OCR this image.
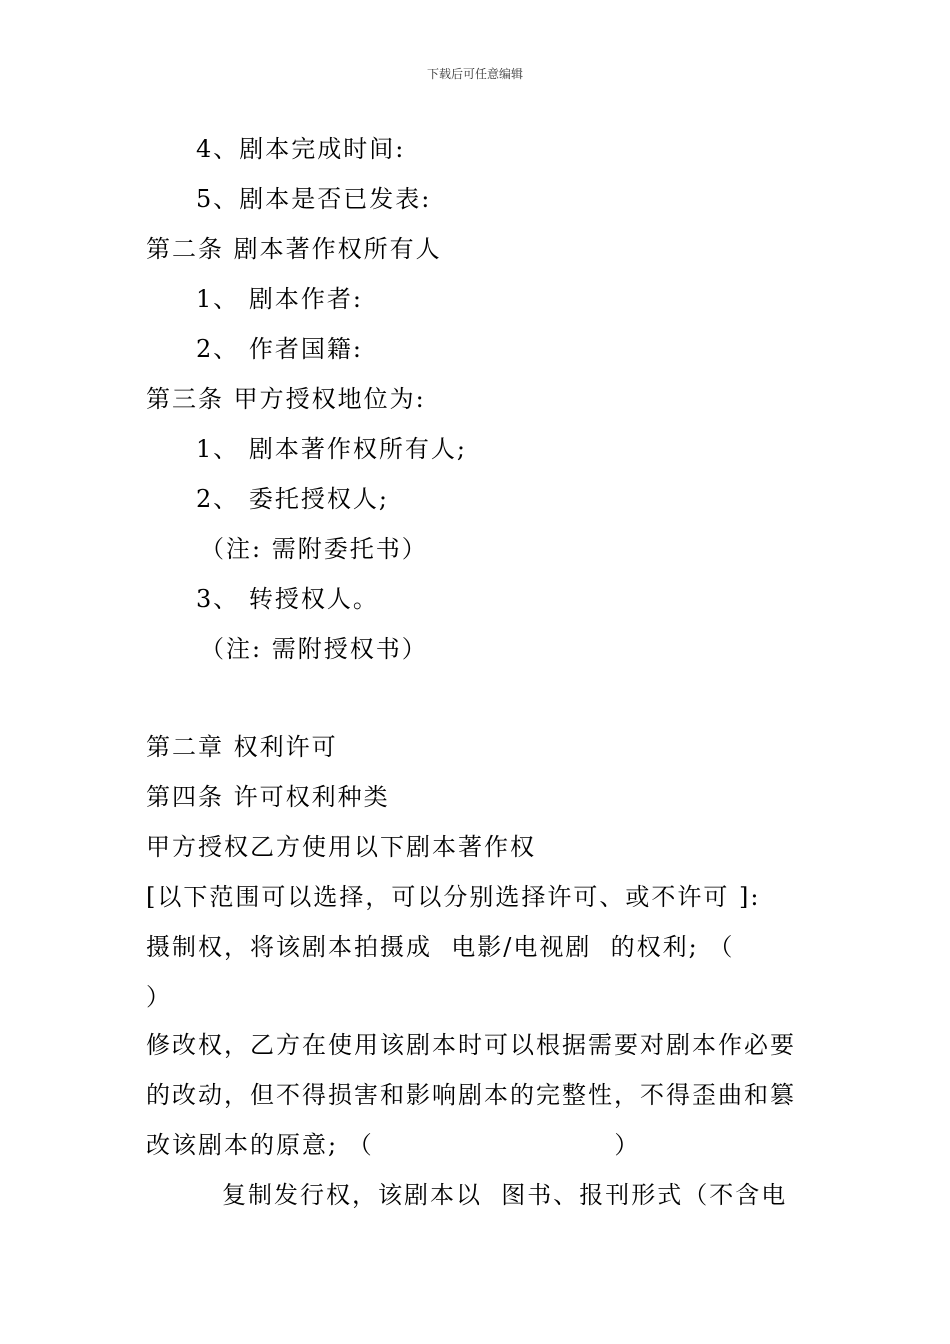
下载后可任意编辑
4、剧本完成时间:
5、剧本是否已发表:
第二条 剧本著作权所有人
1、 剧本作者:
2、 作者国籍:
第三条 甲方授权地位为:
1、 剧本著作权所有人;
2、 委托授权人;
（注: 需附委托书）
3、 转授权人。
（注: 需附授权书）
第二章 权利许可
第四条 许可权利种类
甲方授权乙方使用以下剧本著作权
[以下范围可以选择，可以分别选择许可、或不许可 ]:
摄制权，将该剧本拍摄成  电影/电视剧  的权利; （
）
修改权，乙方在使用该剧本时可以根据需要对剧本作必要
的改动，但不得损害和影响剧本的完整性，不得歪曲和篡
改该剧本的原意; （                         ）
复制发行权，该剧本以  图书、报刊形式（不含电
